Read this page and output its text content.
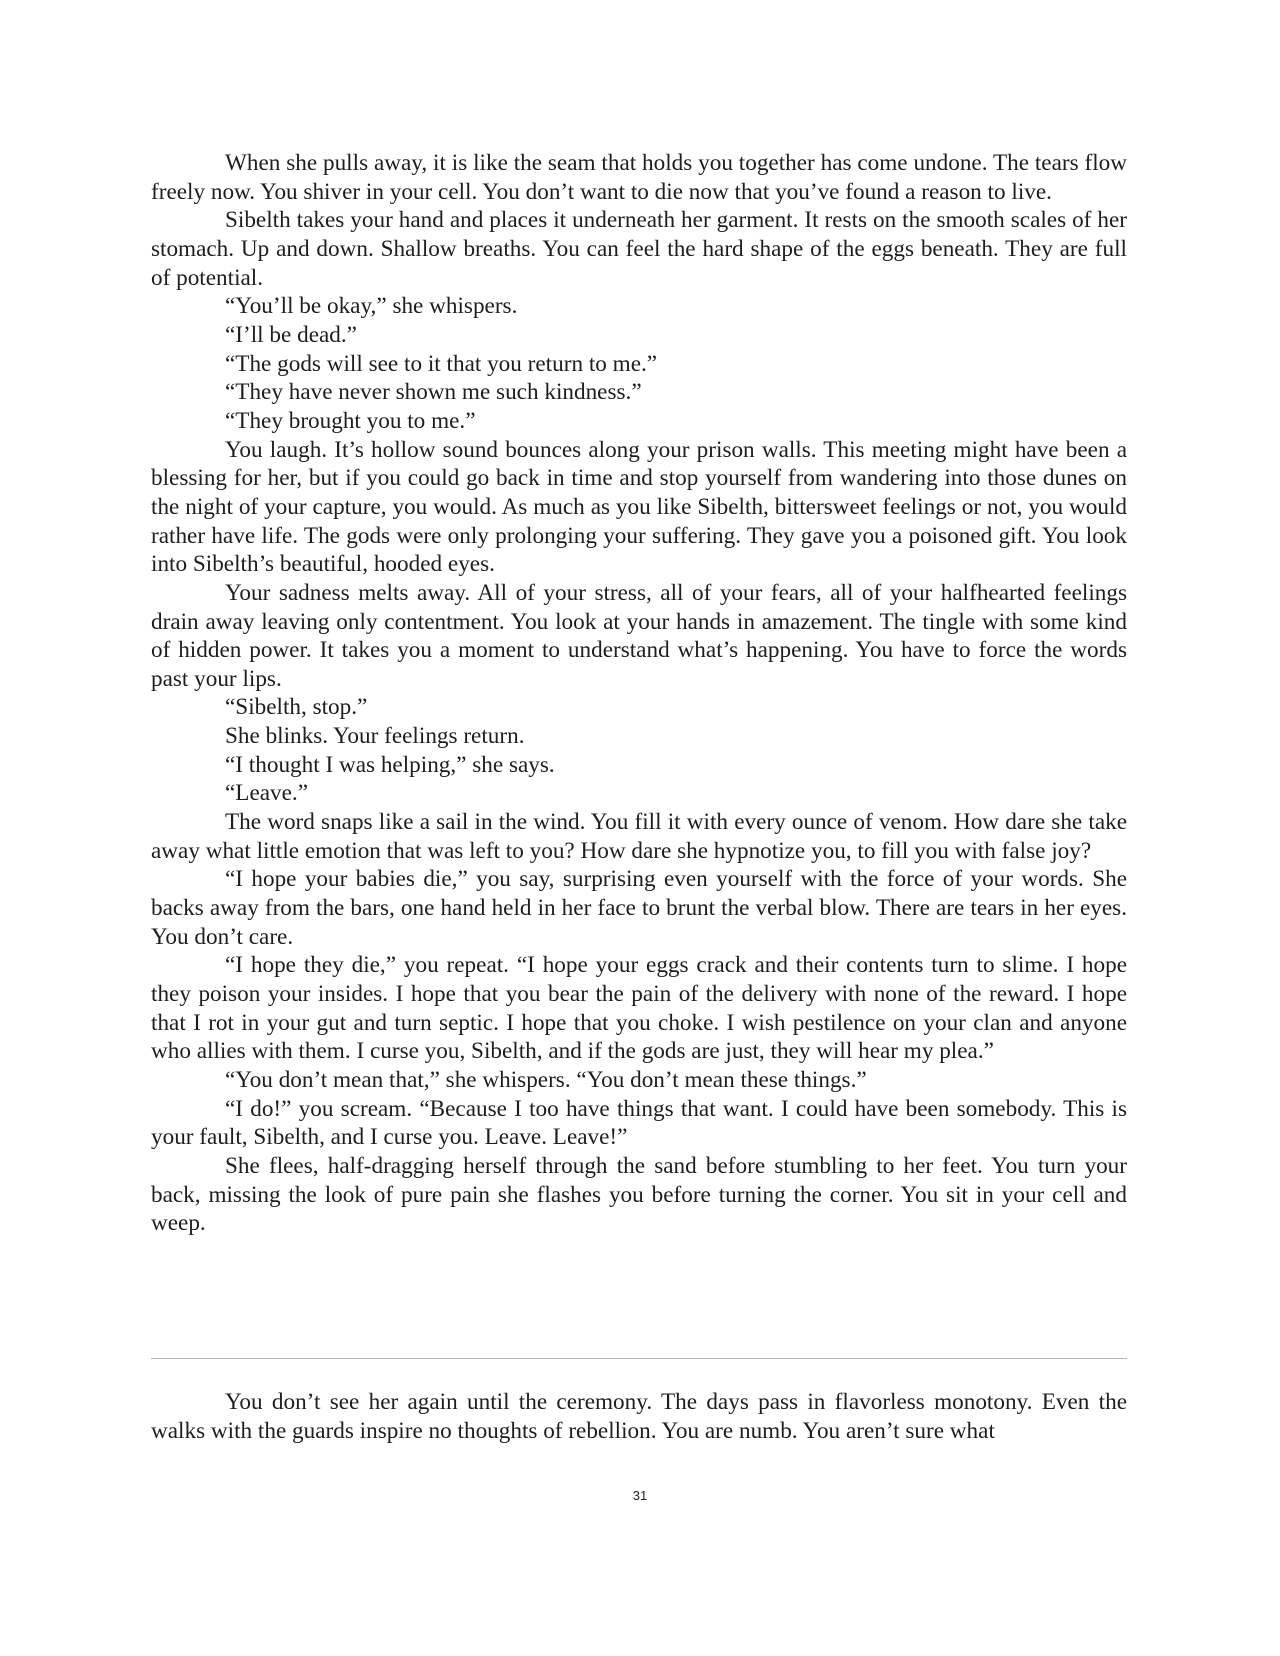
When she pulls away, it is like the seam that holds you together has come undone. The tears flow freely now. You shiver in your cell. You don’t want to die now that you’ve found a reason to live.

Sibelth takes your hand and places it underneath her garment. It rests on the smooth scales of her stomach. Up and down. Shallow breaths. You can feel the hard shape of the eggs beneath. They are full of potential.

“You’ll be okay,” she whispers.

“I’ll be dead.”

“The gods will see to it that you return to me.”

“They have never shown me such kindness.”

“They brought you to me.”

You laugh. It’s hollow sound bounces along your prison walls. This meeting might have been a blessing for her, but if you could go back in time and stop yourself from wandering into those dunes on the night of your capture, you would. As much as you like Sibelth, bittersweet feelings or not, you would rather have life. The gods were only prolonging your suffering. They gave you a poisoned gift. You look into Sibelth’s beautiful, hooded eyes.

Your sadness melts away. All of your stress, all of your fears, all of your halfhearted feelings drain away leaving only contentment. You look at your hands in amazement. The tingle with some kind of hidden power. It takes you a moment to understand what’s happening. You have to force the words past your lips.

“Sibelth, stop.”

She blinks. Your feelings return.

“I thought I was helping,” she says.

“Leave.”

The word snaps like a sail in the wind. You fill it with every ounce of venom. How dare she take away what little emotion that was left to you? How dare she hypnotize you, to fill you with false joy?

“I hope your babies die,” you say, surprising even yourself with the force of your words. She backs away from the bars, one hand held in her face to brunt the verbal blow. There are tears in her eyes. You don’t care.

“I hope they die,” you repeat. “I hope your eggs crack and their contents turn to slime. I hope they poison your insides. I hope that you bear the pain of the delivery with none of the reward. I hope that I rot in your gut and turn septic. I hope that you choke. I wish pestilence on your clan and anyone who allies with them. I curse you, Sibelth, and if the gods are just, they will hear my plea.”

“You don’t mean that,” she whispers. “You don’t mean these things.”

“I do!” you scream. “Because I too have things that want. I could have been somebody. This is your fault, Sibelth, and I curse you. Leave. Leave!”

She flees, half-dragging herself through the sand before stumbling to her feet. You turn your back, missing the look of pure pain she flashes you before turning the corner. You sit in your cell and weep.

You don’t see her again until the ceremony. The days pass in flavorless monotony. Even the walks with the guards inspire no thoughts of rebellion. You are numb. You aren’t sure what

31
